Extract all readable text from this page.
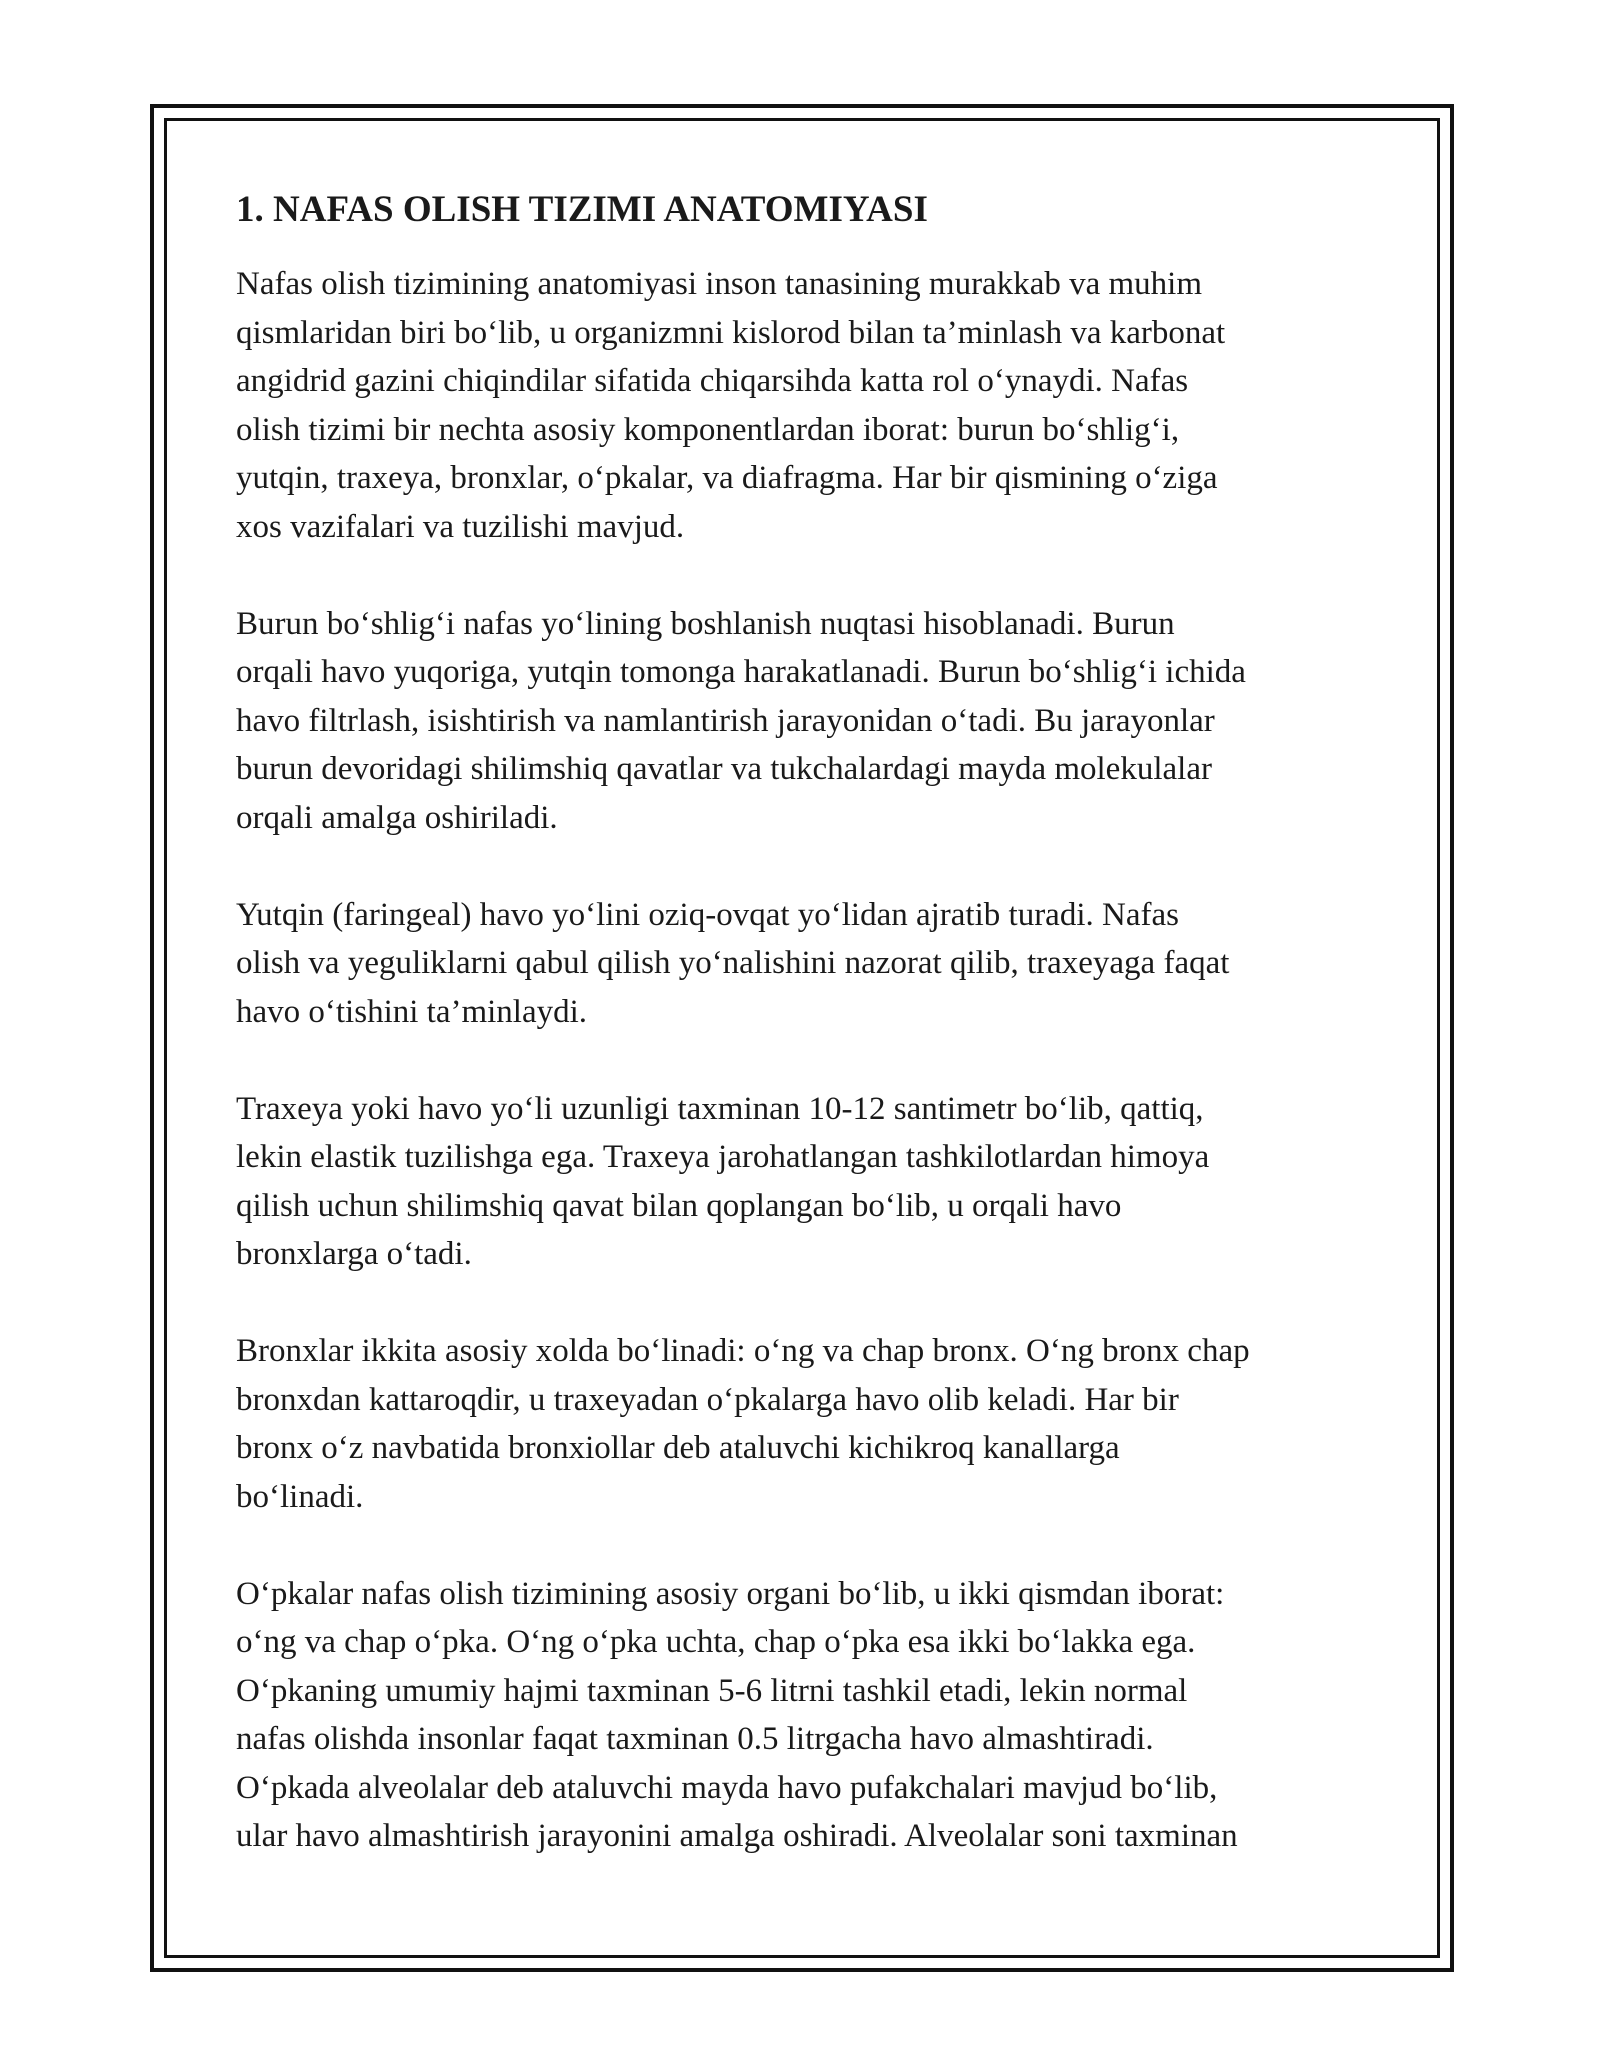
1. NAFAS OLISH TIZIMI ANATOMIYASI
Nafas olish tizimining anatomiyasi inson tanasining murakkab va muhim
qismlaridan biri bo‘lib, u organizmni kislorod bilan ta’minlash va karbonat
angidrid gazini chiqindilar sifatida chiqarsihda katta rol o‘ynaydi. Nafas
olish tizimi bir nechta asosiy komponentlardan iborat: burun bo‘shlig‘i,
yutqin, traxeya, bronxlar, o‘pkalar, va diafragma. Har bir qismining o‘ziga
xos vazifalari va tuzilishi mavjud.
Burun bo‘shlig‘i nafas yo‘lining boshlanish nuqtasi hisoblanadi. Burun
orqali havo yuqoriga, yutqin tomonga harakatlanadi. Burun bo‘shlig‘i ichida
havo filtrlash, isishtirish va namlantirish jarayonidan o‘tadi. Bu jarayonlar
burun devoridagi shilimshiq qavatlar va tukchalardagi mayda molekulalar
orqali amalga oshiriladi.
Yutqin (faringeal) havo yo‘lini oziq-ovqat yo‘lidan ajratib turadi. Nafas
olish va yeguliklarni qabul qilish yo‘nalishini nazorat qilib, traxeyaga faqat
havo o‘tishini ta’minlaydi.
Traxeya yoki havo yo‘li uzunligi taxminan 10-12 santimetr bo‘lib, qattiq,
lekin elastik tuzilishga ega. Traxeya jarohatlangan tashkilotlardan himoya
qilish uchun shilimshiq qavat bilan qoplangan bo‘lib, u orqali havo
bronxlarga o‘tadi.
Bronxlar ikkita asosiy xolda bo‘linadi: o‘ng va chap bronx. O‘ng bronx chap
bronxdan kattaroqdir, u traxeyadan o‘pkalarga havo olib keladi. Har bir
bronx o‘z navbatida bronxiollar deb ataluvchi kichikroq kanallarga
bo‘linadi.
O‘pkalar nafas olish tizimining asosiy organi bo‘lib, u ikki qismdan iborat:
o‘ng va chap o‘pka. O‘ng o‘pka uchta, chap o‘pka esa ikki bo‘lakka ega.
O‘pkaning umumiy hajmi taxminan 5-6 litrni tashkil etadi, lekin normal
nafas olishda insonlar faqat taxminan 0.5 litrgacha havo almashtiradi.
O‘pkada alveolalar deb ataluvchi mayda havo pufakchalari mavjud bo‘lib,
ular havo almashtirish jarayonini amalga oshiradi. Alveolalar soni taxminan
